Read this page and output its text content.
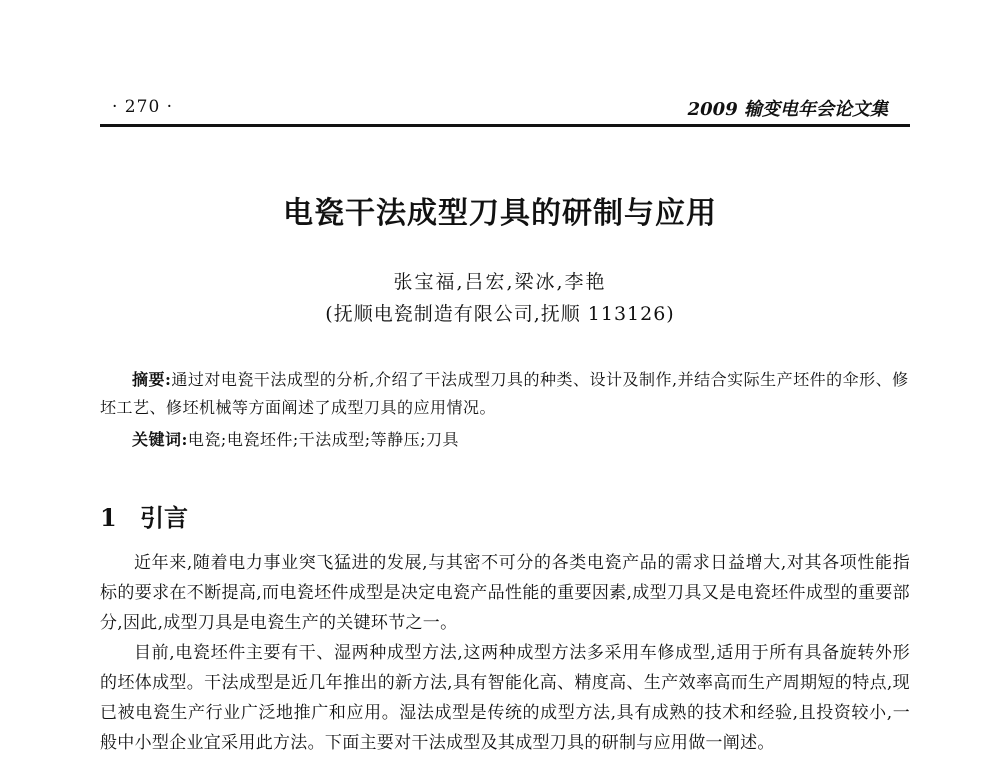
· 270 ·	2009 输变电年会论文集
电瓷干法成型刀具的研制与应用
张宝福,吕宏,梁冰,李艳
(抚顺电瓷制造有限公司,抚顺 113126)
摘要:通过对电瓷干法成型的分析,介绍了干法成型刀具的种类、设计及制作,并结合实际生产坯件的伞形、修坯工艺、修坯机械等方面阐述了成型刀具的应用情况。
关键词:电瓷;电瓷坯件;干法成型;等静压;刀具
1 引言
近年来,随着电力事业突飞猛进的发展,与其密不可分的各类电瓷产品的需求日益增大,对其各项性能指标的要求在不断提高,而电瓷坯件成型是决定电瓷产品性能的重要因素,成型刀具又是电瓷坯件成型的重要部分,因此,成型刀具是电瓷生产的关键环节之一。
目前,电瓷坯件主要有干、湿两种成型方法,这两种成型方法多采用车修成型,适用于所有具备旋转外形的坯体成型。干法成型是近几年推出的新方法,具有智能化高、精度高、生产效率高而生产周期短的特点,现已被电瓷生产行业广泛地推广和应用。湿法成型是传统的成型方法,具有成熟的技术和经验,且投资较小,一般中小型企业宜采用此方法。下面主要对干法成型及其成型刀具的研制与应用做一阐述。
